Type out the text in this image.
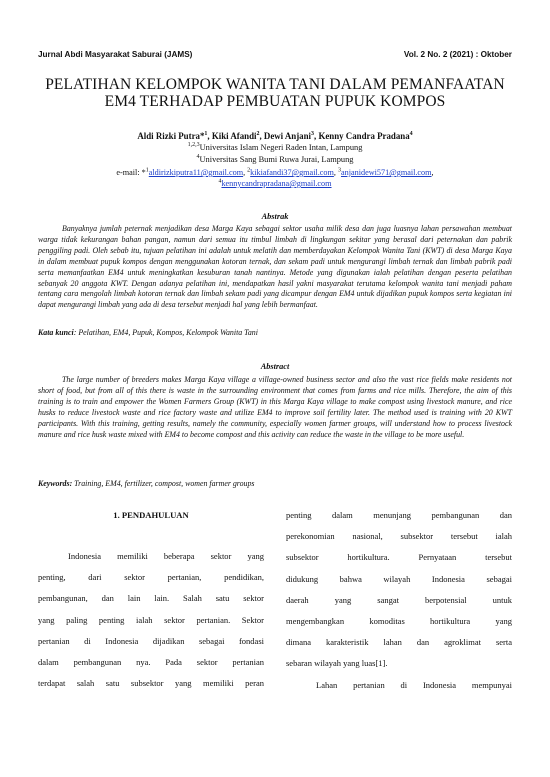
Jurnal Abdi Masyarakat Saburai (JAMS)	Vol. 2 No. 2 (2021) : Oktober
PELATIHAN KELOMPOK WANITA TANI DALAM PEMANFAATAN
EM4 TERHADAP PEMBUATAN PUPUK KOMPOS
Aldi Rizki Putra*$^1$, Kiki Afandi$^2$, Dewi Anjani$^3$, Kenny Candra Pradana$^4$
$^{1,2,3}$Universitas Islam Negeri Raden Intan, Lampung
$^4$Universitas Sang Bumi Ruwa Jurai, Lampung
e-mail: *$^1$aldirizkiputra11@gmail.com, $^2$kikiafandi37@gmail.com, $^3$anjanidewi571@gmail.com,
$^4$kennycandrapradana@gmail.com
Abstrak
Banyaknya jumlah peternak menjadikan desa Marga Kaya sebagai sektor usaha milik desa dan juga luasnya lahan persawahan membuat warga tidak kekurangan bahan pangan, namun dari semua itu timbul limbah di lingkungan sekitar yang berasal dari peternakan dan pabrik penggiling padi. Oleh sebab itu, tujuan pelatihan ini adalah untuk melatih dan memberdayakan Kelompok Wanita Tani (KWT) di desa Marga Kaya in dalam membuat pupuk kompos dengan menggunakan kotoran ternak, dan sekam padi untuk mengurangi limbah ternak dan limbah pabrik padi serta memanfaatkan EM4 untuk meningkatkan kesuburan tanah nantinya. Metode yang digunakan ialah pelatihan dengan peserta pelatihan sebanyak 20 anggota KWT. Dengan adanya pelatihan ini, mendapatkan hasil yakni masyarakat terutama kelompok wanita tani menjadi paham tentang cara mengolah limbah kotoran ternak dan limbah sekam padi yang dicampur dengan EM4 untuk dijadikan pupuk kompos serta kegiatan ini dapat mengurangi limbah yang ada di desa tersebut menjadi hal yang lebih bermanfaat.
Kata kunci: Pelatihan, EM4, Pupuk, Kompos, Kelompok Wanita Tani
Abstract
The large number of breeders makes Marga Kaya village a village-owned business sector and also the vast rice fields make residents not short of food, but from all of this there is waste in the surrounding environment that comes from farms and rice mills. Therefore, the aim of this training is to train and empower the Women Farmers Group (KWT) in this Marga Kaya village to make compost using livestock manure, and rice husks to reduce livestock waste and rice factory waste and utilize EM4 to improve soil fertility later. The method used is training with 20 KWT participants. With this training, getting results, namely the community, especially women farmer groups, will understand how to process livestock manure and rice husk waste mixed with EM4 to become compost and this activity can reduce the waste in the village to be more useful.
Keywords: Training, EM4, fertilizer, compost, women farmer groups
1. PENDAHULUAN
Indonesia memiliki beberapa sektor yang
penting, dari sektor pertanian, pendidikan,
pembangunan, dan lain lain. Salah satu sektor
yang paling penting ialah sektor pertanian. Sektor
pertanian di Indonesia dijadikan sebagai fondasi
dalam pembangunan nya. Pada sektor pertanian
terdapat salah satu subsektor yang memiliki peran
penting dalam menunjang pembangunan dan
perekonomian nasional, subsektor tersebut ialah
subsektor hortikultura. Pernyataan tersebut
didukung bahwa wilayah Indonesia sebagai
daerah yang sangat berpotensial untuk
mengembangkan komoditas hortikultura yang
dimana karakteristik lahan dan agroklimat serta
sebaran wilayah yang luas[1].
Lahan pertanian di Indonesia mempunyai
